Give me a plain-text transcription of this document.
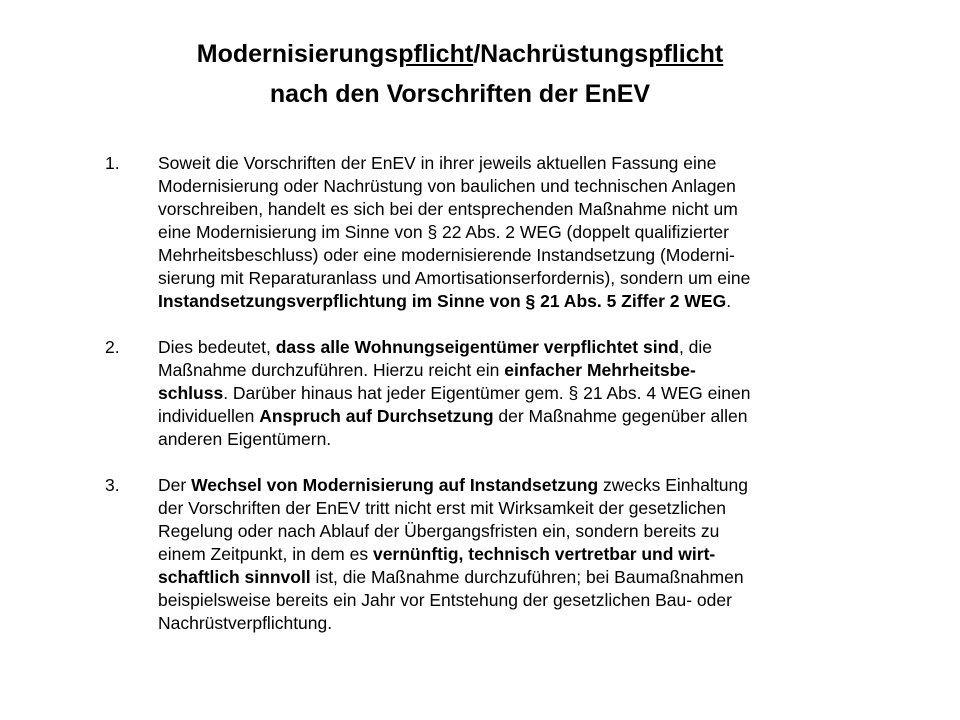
Modernisierungspflicht/Nachrüstungspflicht
nach den Vorschriften der EnEV
1. Soweit die Vorschriften der EnEV in ihrer jeweils aktuellen Fassung eine
Modernisierung oder Nachrüstung von baulichen und technischen Anlagen
vorschreiben, handelt es sich bei der entsprechenden Maßnahme nicht um
eine Modernisierung im Sinne von § 22 Abs. 2 WEG (doppelt qualifizierter
Mehrheitsbeschluss) oder eine modernisierende Instandsetzung (Moderni-
sierung mit Reparaturanlass und Amortisationserfordernis), sondern um eine
Instandsetzungsverpflichtung im Sinne von § 21 Abs. 5 Ziffer 2 WEG.
2. Dies bedeutet, dass alle Wohnungseigentümer verpflichtet sind, die
Maßnahme durchzuführen. Hierzu reicht ein einfacher Mehrheitsbe-
schluss. Darüber hinaus hat jeder Eigentümer gem. § 21 Abs. 4 WEG einen
individuellen Anspruch auf Durchsetzung der Maßnahme gegenüber allen
anderen Eigentümern.
3. Der Wechsel von Modernisierung auf Instandsetzung zwecks Einhaltung
der Vorschriften der EnEV tritt nicht erst mit Wirksamkeit der gesetzlichen
Regelung oder nach Ablauf der Übergangsfristen ein, sondern bereits zu
einem Zeitpunkt, in dem es vernünftig, technisch vertretbar und wirt-
schaftlich sinnvoll ist, die Maßnahme durchzuführen; bei Baumaßnahmen
beispielsweise bereits ein Jahr vor Entstehung der gesetzlichen Bau- oder
Nachrüstverpflichtung.
